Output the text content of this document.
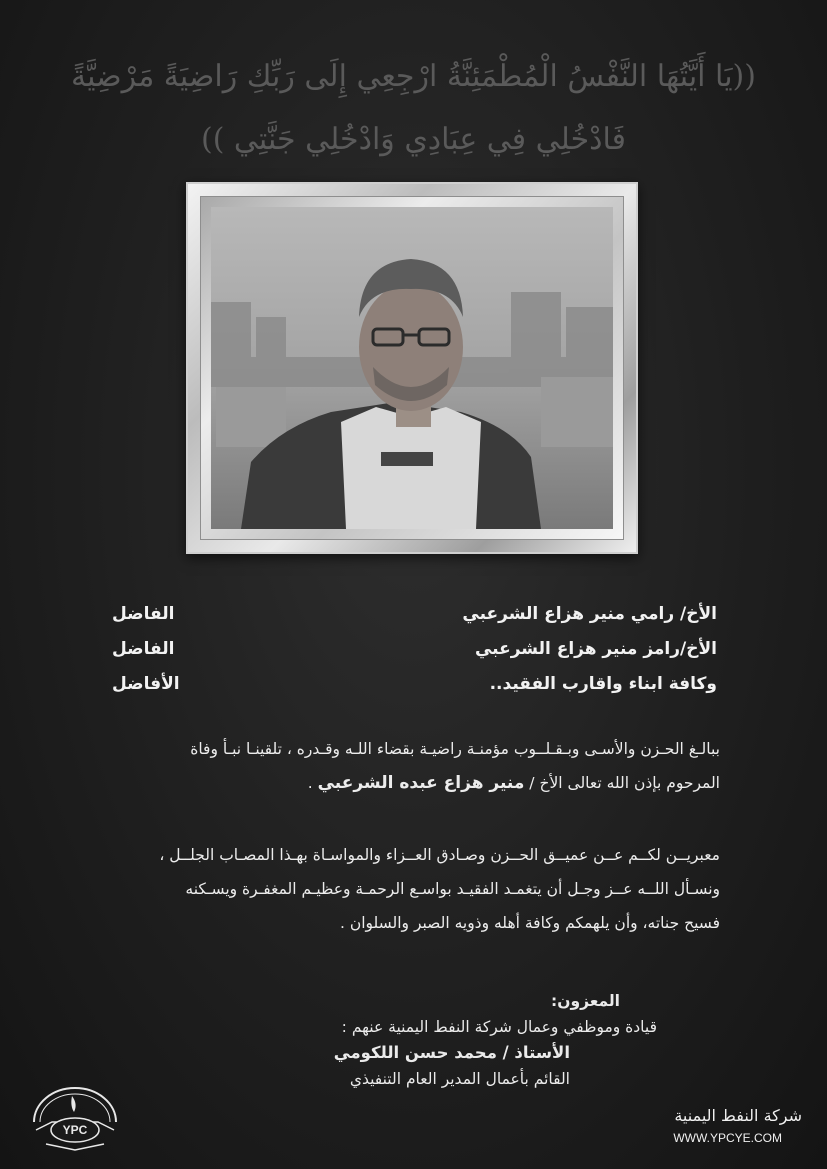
((يَا أَيَّتُهَا النَّفْسُ الْمُطْمَئِنَّةُ ارْجِعِي إِلَى رَبِّكِ رَاضِيَةً مَرْضِيَّةً
فَادْخُلِي فِي عِبَادِي وَادْخُلِي جَنَّتِي ))
الأخ/ رامي منير هزاع الشرعبي
الفاضل
الأخ/رامز منير هزاع الشرعبي
الفاضل
وكافة ابناء واقارب الفقيد..
الأفاضل
ببالـغ الحـزن والأسـى وبـقـلــوب مؤمنـة راضيـة بقضاء اللـه وقـدره ، تلقينـا نبـأ وفاة
المرحوم بإذن الله تعالى الأخ / منير هزاع عبده الشرعبي .
معبريــن لكــم عــن عميــق الحــزن وصـادق العــزاء والمواسـاة بهـذا المصـاب الجلــل ،
ونسـأل اللــه عــز وجـل أن يتغمـد الفقيـد بواسـع الرحمـة وعظيـم المغفـرة ويسـكنه
فسيح جناته، وأن يلهمكم وكافة أهله وذويه الصبر والسلوان .
المعزون:
قيادة وموظفي وعمال شركة النفط اليمنية عنهم :
الأستاذ / محمد حسن اللكومي
القائم بأعمال المدير العام التنفيذي
YPC
شركة النفط اليمنية
WWW.YPCYE.COM
